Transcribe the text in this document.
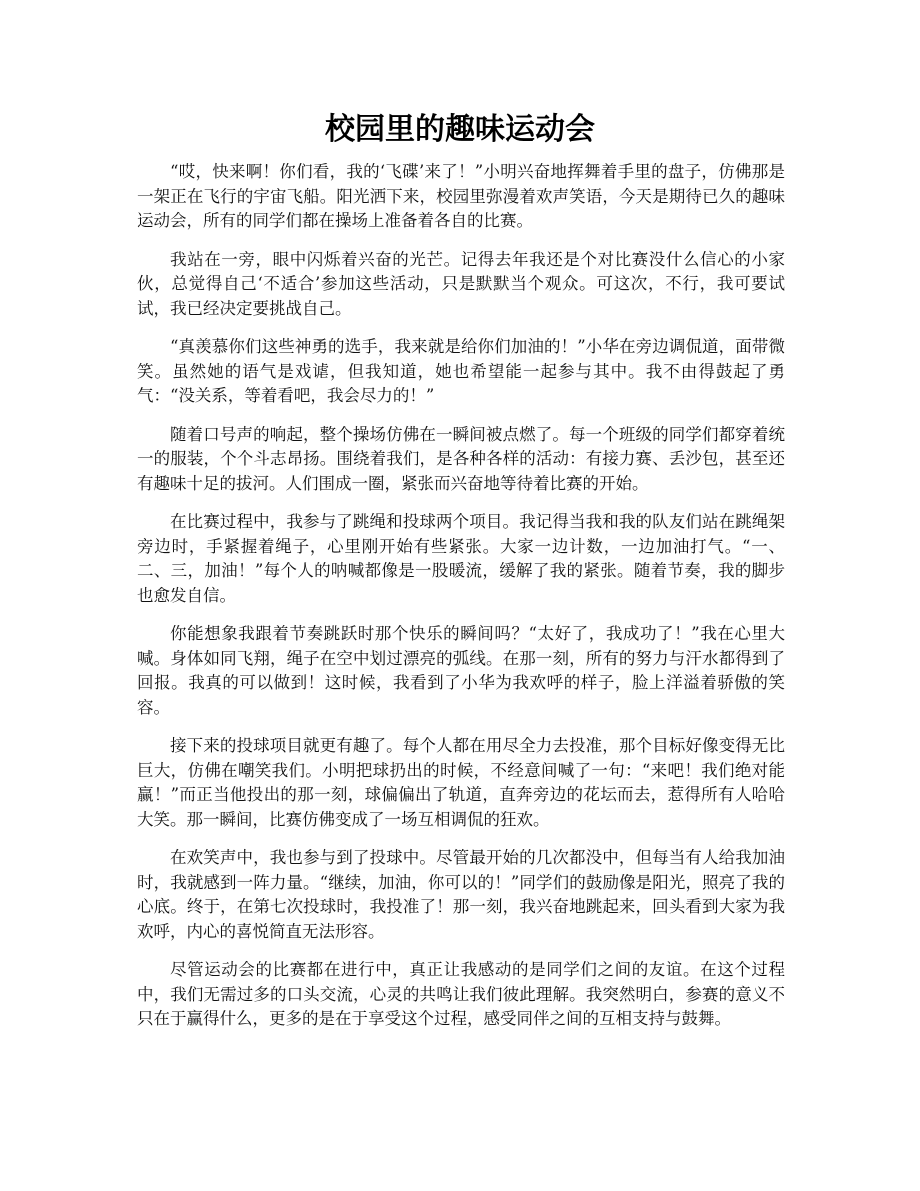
校园里的趣味运动会

“哎，快来啊！你们看，我的‘飞碟’来了！”小明兴奋地挥舞着手里的盘子，仿佛那是一架正在飞行的宇宙飞船。阳光洒下来，校园里弥漫着欢声笑语，今天是期待已久的趣味运动会，所有的同学们都在操场上准备着各自的比赛。

我站在一旁，眼中闪烁着兴奋的光芒。记得去年我还是个对比赛没什么信心的小家伙，总觉得自己‘不适合’参加这些活动，只是默默当个观众。可这次，不行，我可要试试，我已经决定要挑战自己。

“真羡慕你们这些神勇的选手，我来就是给你们加油的！”小华在旁边调侃道，面带微笑。虽然她的语气是戏谑，但我知道，她也希望能一起参与其中。我不由得鼓起了勇气：“没关系，等着看吧，我会尽力的！”

随着口号声的响起，整个操场仿佛在一瞬间被点燃了。每一个班级的同学们都穿着统一的服装，个个斗志昂扬。围绕着我们，是各种各样的活动：有接力赛、丢沙包，甚至还有趣味十足的拔河。人们围成一圈，紧张而兴奋地等待着比赛的开始。

在比赛过程中，我参与了跳绳和投球两个项目。我记得当我和我的队友们站在跳绳架旁边时，手紧握着绳子，心里刚开始有些紧张。大家一边计数，一边加油打气。“一、二、三，加油！”每个人的呐喊都像是一股暖流，缓解了我的紧张。随着节奏，我的脚步也愈发自信。

你能想象我跟着节奏跳跃时那个快乐的瞬间吗？“太好了，我成功了！”我在心里大喊。身体如同飞翔，绳子在空中划过漂亮的弧线。在那一刻，所有的努力与汗水都得到了回报。我真的可以做到！这时候，我看到了小华为我欢呼的样子，脸上洋溢着骄傲的笑容。

接下来的投球项目就更有趣了。每个人都在用尽全力去投准，那个目标好像变得无比巨大，仿佛在嘲笑我们。小明把球扔出的时候，不经意间喊了一句：“来吧！我们绝对能赢！”而正当他投出的那一刻，球偏偏出了轨道，直奔旁边的花坛而去，惹得所有人哈哈大笑。那一瞬间，比赛仿佛变成了一场互相调侃的狂欢。

在欢笑声中，我也参与到了投球中。尽管最开始的几次都没中，但每当有人给我加油时，我就感到一阵力量。“继续，加油，你可以的！”同学们的鼓励像是阳光，照亮了我的心底。终于，在第七次投球时，我投准了！那一刻，我兴奋地跳起来，回头看到大家为我欢呼，内心的喜悦简直无法形容。

尽管运动会的比赛都在进行中，真正让我感动的是同学们之间的友谊。在这个过程中，我们无需过多的口头交流，心灵的共鸣让我们彼此理解。我突然明白，参赛的意义不只在于赢得什么，更多的是在于享受这个过程，感受同伴之间的互相支持与鼓舞。
